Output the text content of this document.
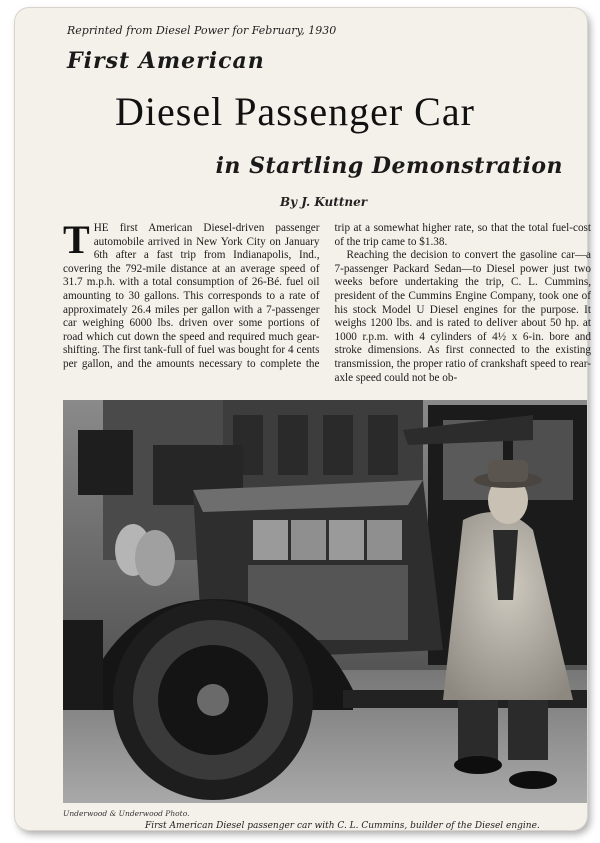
Reprinted from Diesel Power for February, 1930
First American
Diesel Passenger Car
in Startling Demonstration
By J. Kuttner

THE first American Diesel-driven passenger automobile arrived in New York City on January 6th after a fast trip from Indianapolis, Ind., covering the 792-mile distance at an average speed of 31.7 m.p.h. with a total consumption of 26-Bé. fuel oil amounting to 30 gallons. This corresponds to a rate of approximately 26.4 miles per gallon with a 7-passenger car weighing 6000 lbs. driven over some portions of road which cut down the speed and required much gear-shifting. The first tank-full of fuel was bought for 4 cents per gallon, and the amounts necessary to complete the trip at a somewhat higher rate, so that the total fuel-cost of the trip came to $1.38.

Reaching the decision to convert the gasoline car—a 7-passenger Packard Sedan—to Diesel power just two weeks before undertaking the trip, C. L. Cummins, president of the Cummins Engine Company, took one of his stock Model U Diesel engines for the purpose. It weighs 1200 lbs. and is rated to deliver about 50 hp. at 1000 r.p.m. with 4 cylinders of 4½ x 6-in. bore and stroke dimensions. As first connected to the existing transmission, the proper ratio of crankshaft speed to rear-axle speed could not be ob-

Underwood & Underwood Photo.
First American Diesel passenger car with C. L. Cummins, builder of the Diesel engine.
